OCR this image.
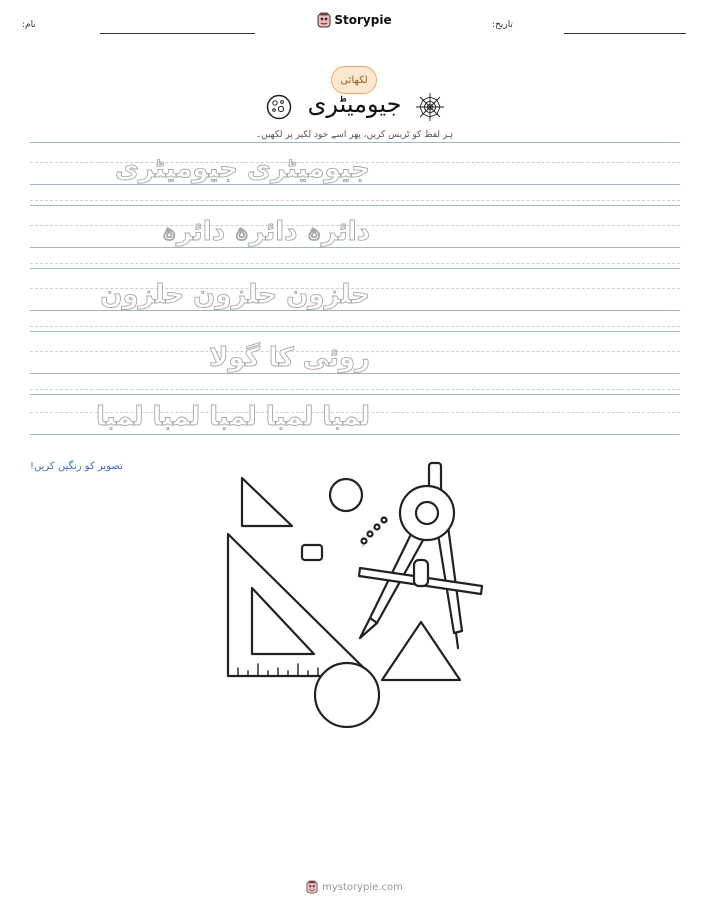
نام:	Storypie	تاریخ:
لکھائی
جیومیٹری
ہر لفظ کو ٹریس کریں، پھر اسے خود لکیر پر لکھیں۔
جیومیٹری جیومیٹری
دائرہ دائرہ دائرہ
حلزون حلزون حلزون
روئی کا گولا
لمبا لمبا لمبا لمبا لمبا
تصویر کو رنگین کریں!
mystorypie.com
